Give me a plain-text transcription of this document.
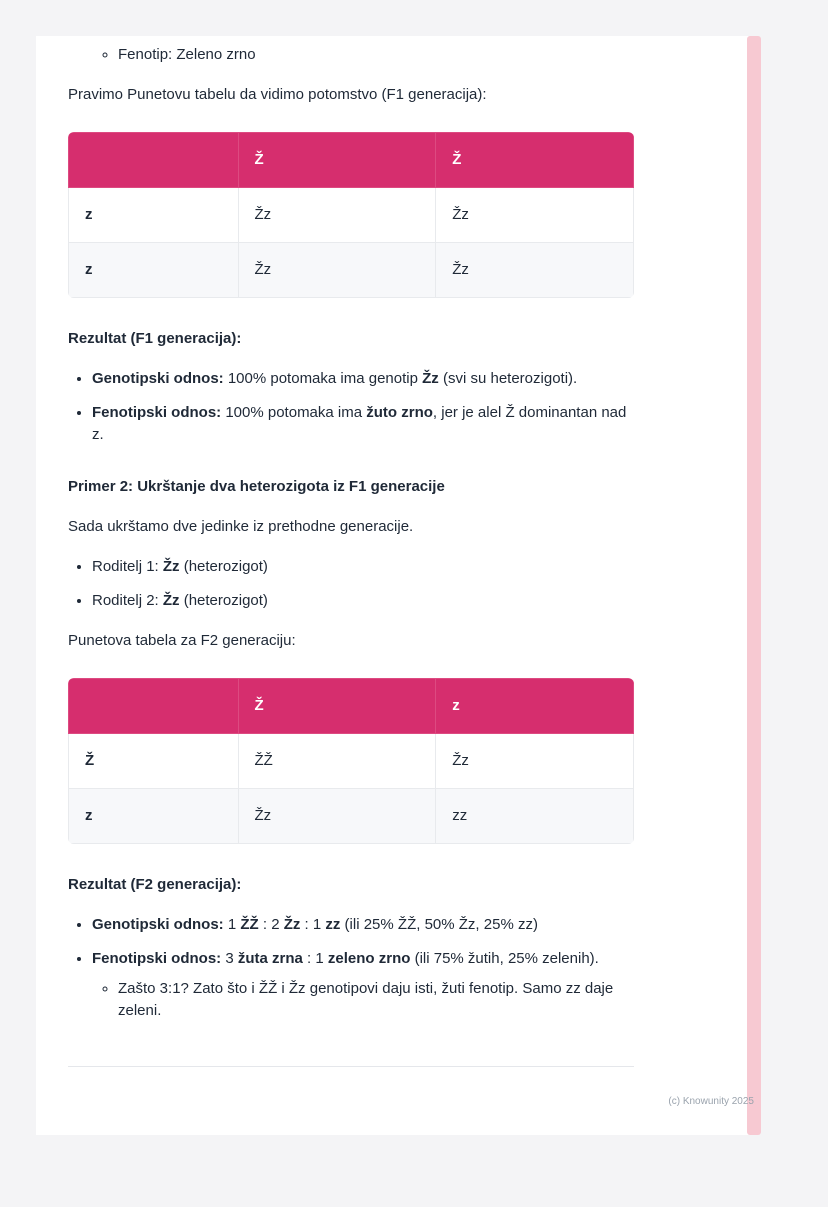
◦ Fenotip: Zeleno zrno

Pravimo Punetovu tabelu da vidimo potomstvo (F1 generacija):

	Ž	Ž
z	Žz	Žz
z	Žz	Žz

Rezultat (F1 generacija):

• Genotipski odnos: 100% potomaka ima genotip Žz (svi su heterozigoti).
• Fenotipski odnos: 100% potomaka ima žuto zrno, jer je alel Ž dominantan nad z.

Primer 2: Ukrštanje dva heterozigota iz F1 generacije

Sada ukrštamo dve jedinke iz prethodne generacije.

• Roditelj 1: Žz (heterozigot)
• Roditelj 2: Žz (heterozigot)

Punetova tabela za F2 generaciju:

	Ž	z
Ž	ŽŽ	Žz
z	Žz	zz

Rezultat (F2 generacija):

• Genotipski odnos: 1 ŽŽ : 2 Žz : 1 zz (ili 25% ŽŽ, 50% Žz, 25% zz)
• Fenotipski odnos: 3 žuta zrna : 1 zeleno zrno (ili 75% žutih, 25% zelenih).
◦ Zašto 3:1? Zato što i ŽŽ i Žz genotipovi daju isti, žuti fenotip. Samo zz daje zeleni.
(c) Knowunity 2025
